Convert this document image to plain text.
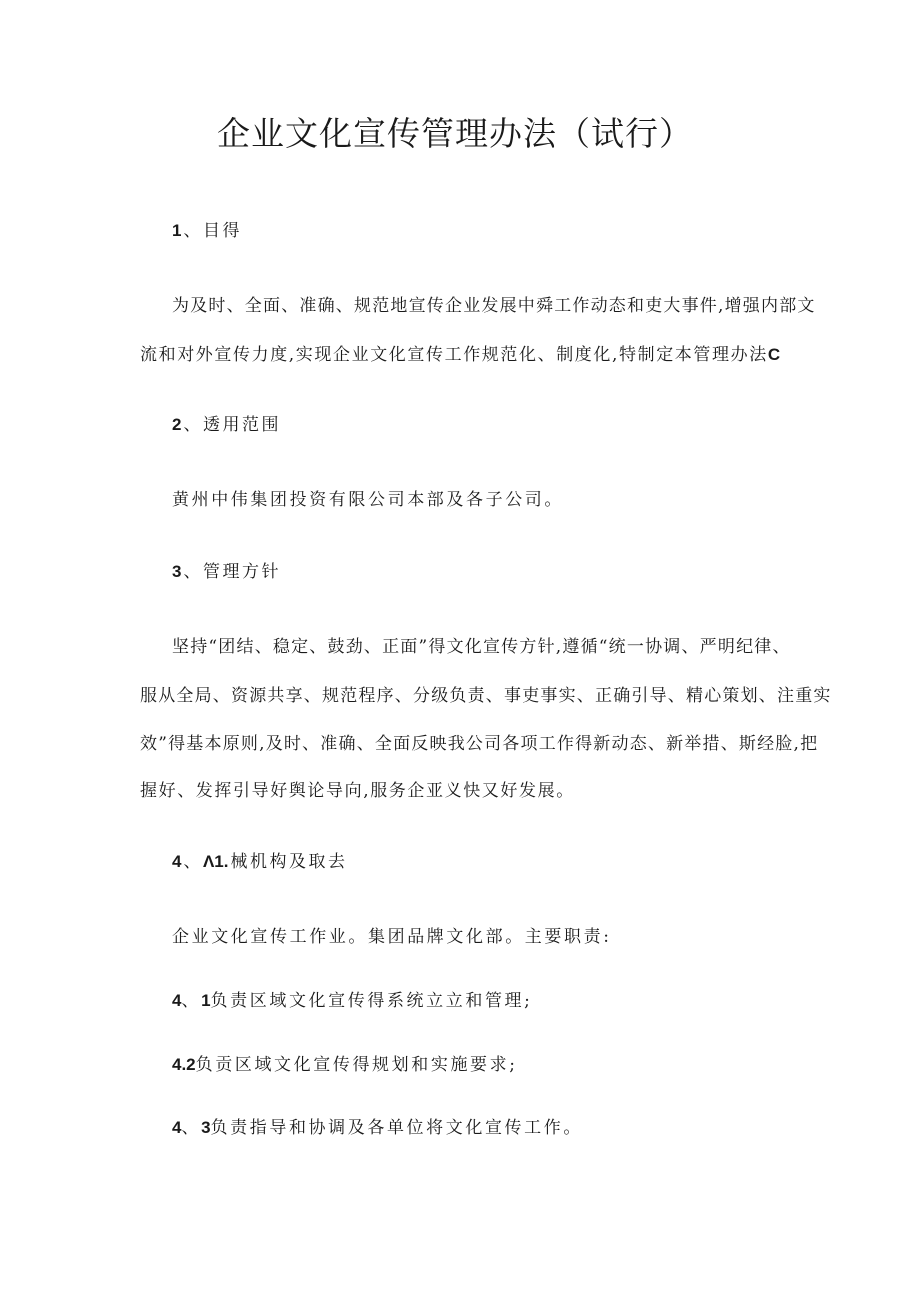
企业文化宣传管理办法（试行）
1 、目得
为及时、全面、准确、规范地宣传企业发展中舜工作动态和吏大事件,增强内部文
流和对外宣传力度,实现企业文化宣传工作规范化、制度化,特制定本管理办法C
2 、透用范围
黄州中伟集团投资有限公司本部及各子公司。
3 、管理方针
坚持“团结、稳定、鼓劲、正面”得文化宣传方针,遵循“统一协调、严明纪律、
服从全局、资源共享、规范程序、分级负责、事吏事实、正确引导、精心策划、注重实
效”得基本原则,及时、准确、全面反映我公司各项工作得新动态、新举措、斯经脸,把
握好、发挥引导好舆论导向,服务企亚义快又好发展。
4 、Λ1. 械机构及取去
企业文化宣传工作业。集团品牌文化部。主要职责:
4、1负责区域文化宣传得系统立立和管理;
4.2负贡区域文化宣传得规划和实施要求;
4、3负责指导和协调及各单位将文化宣传工作。
